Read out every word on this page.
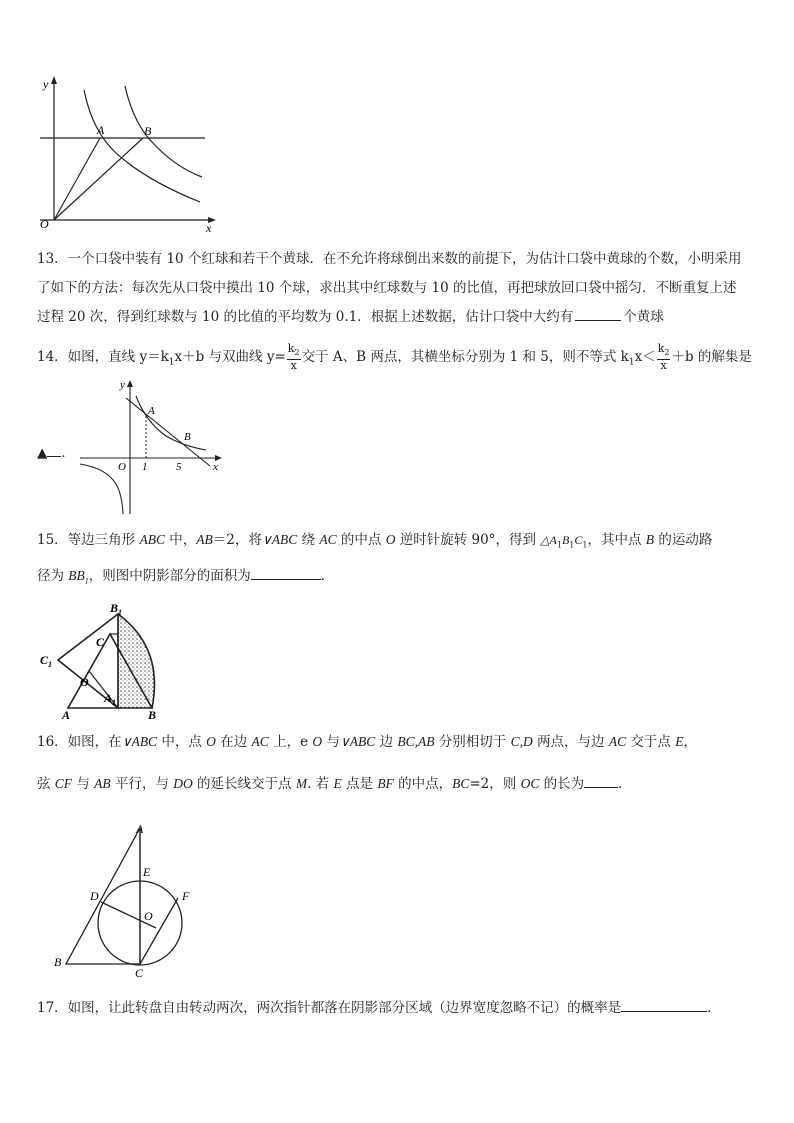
y
x
O
A	B
13．一个口袋中装有 10 个红球和若干个黄球．在不允许将球倒出来数的前提下，为估计口袋中黄球的个数，小明采用
了如下的方法：每次先从口袋中摸出 10 个球，求出其中红球数与 10 的比值，再把球放回口袋中摇匀．不断重复上述
过程 20 次，得到红球数与 10 的比值的平均数为 0.1．根据上述数据，估计口袋中大约有	个黄球
14．如图，直线 $y=k_1x+b$ 与双曲线 $y= \frac{k_2}{x}$ 交于 A、B 两点，其横坐标分别为 1 和 5，则不等式 $k_1x< \frac{k_2}{x} +b$ 的解集是
▲ ．
y
x
O
A
B
1	5
15．等边三角形 ABC 中，AB＝2，将∨ABC 绕 AC 的中点 O 逆时针旋转 90°，得到 $\triangle A_1B_1C_1$，其中点 B 的运动路
径为 $BB_1$，则图中阴影部分的面积为	．
$B_1$
C
$C_1$
O
$A_1$
A	B
16．如图，在∨ABC 中，点 O 在边 AC 上，e O 与∨ABC 边 BC,AB 分别相切于 C,D 两点，与边 AC 交于点 E，
弦 CF 与 AB 平行，与 DO 的延长线交于点 M. 若 E 点是 BF 的中点，BC=2，则 OC 的长为	．
A
E
D	F
O
B
C
17．如图，让此转盘自由转动两次，两次指针都落在阴影部分区域（边界宽度忽略不记）的概率是	．
